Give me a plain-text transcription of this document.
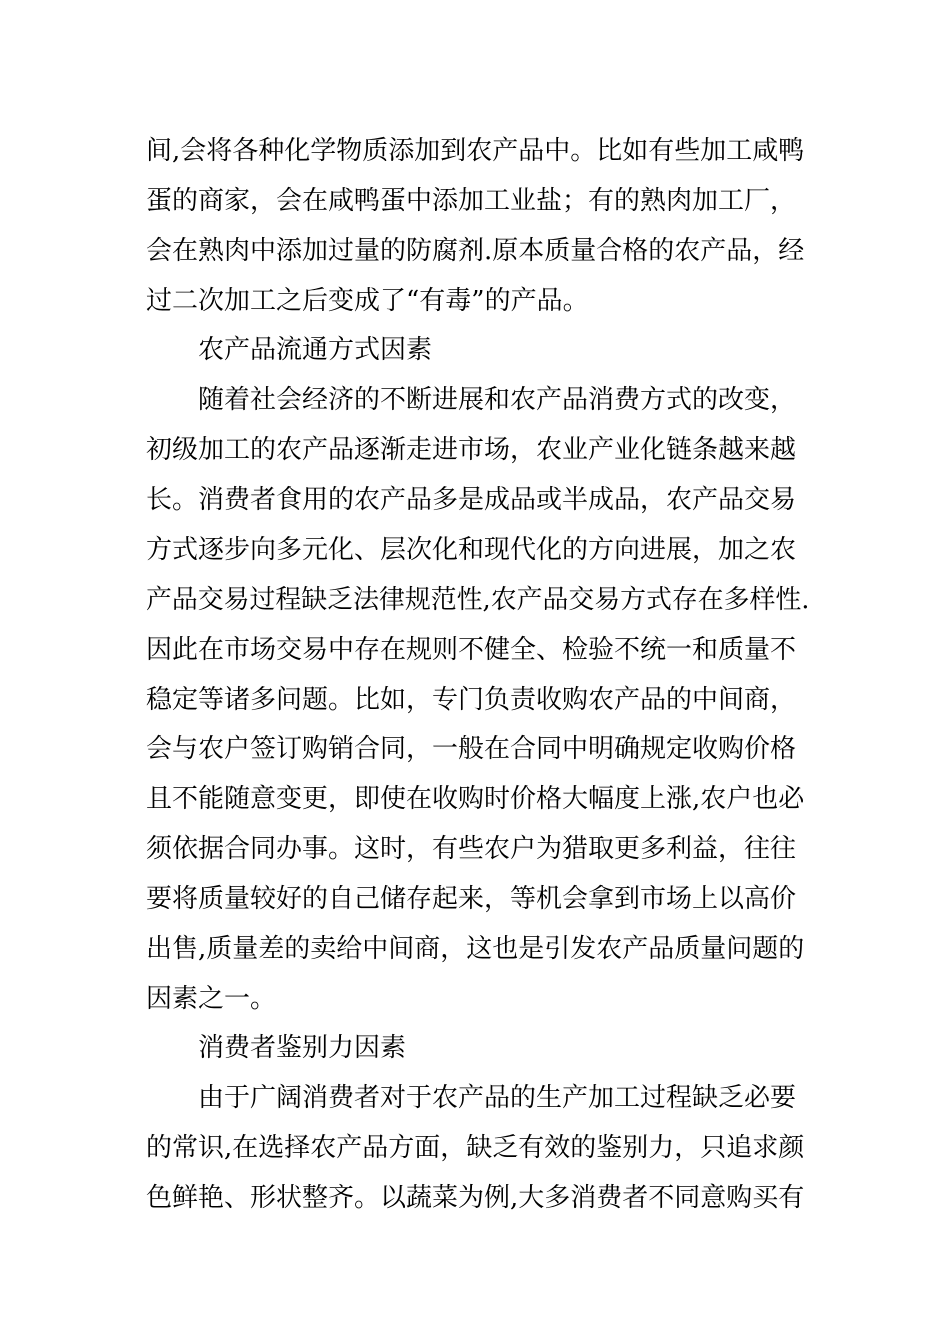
间,会将各种化学物质添加到农产品中。比如有些加工咸鸭
蛋的商家，会在咸鸭蛋中添加工业盐；有的熟肉加工厂，
会在熟肉中添加过量的防腐剂.原本质量合格的农产品，经
过二次加工之后变成了“有毒”的产品。
农产品流通方式因素
随着社会经济的不断进展和农产品消费方式的改变，
初级加工的农产品逐渐走进市场，农业产业化链条越来越
长。消费者食用的农产品多是成品或半成品，农产品交易
方式逐步向多元化、层次化和现代化的方向进展，加之农
产品交易过程缺乏法律规范性,农产品交易方式存在多样性.
因此在市场交易中存在规则不健全、检验不统一和质量不
稳定等诸多问题。比如，专门负责收购农产品的中间商，
会与农户签订购销合同，一般在合同中明确规定收购价格
且不能随意变更，即使在收购时价格大幅度上涨,农户也必
须依据合同办事。这时，有些农户为猎取更多利益，往往
要将质量较好的自己储存起来，等机会拿到市场上以高价
出售,质量差的卖给中间商，这也是引发农产品质量问题的
因素之一。
消费者鉴别力因素
由于广阔消费者对于农产品的生产加工过程缺乏必要
的常识,在选择农产品方面，缺乏有效的鉴别力，只追求颜
色鲜艳、形状整齐。以蔬菜为例,大多消费者不同意购买有
